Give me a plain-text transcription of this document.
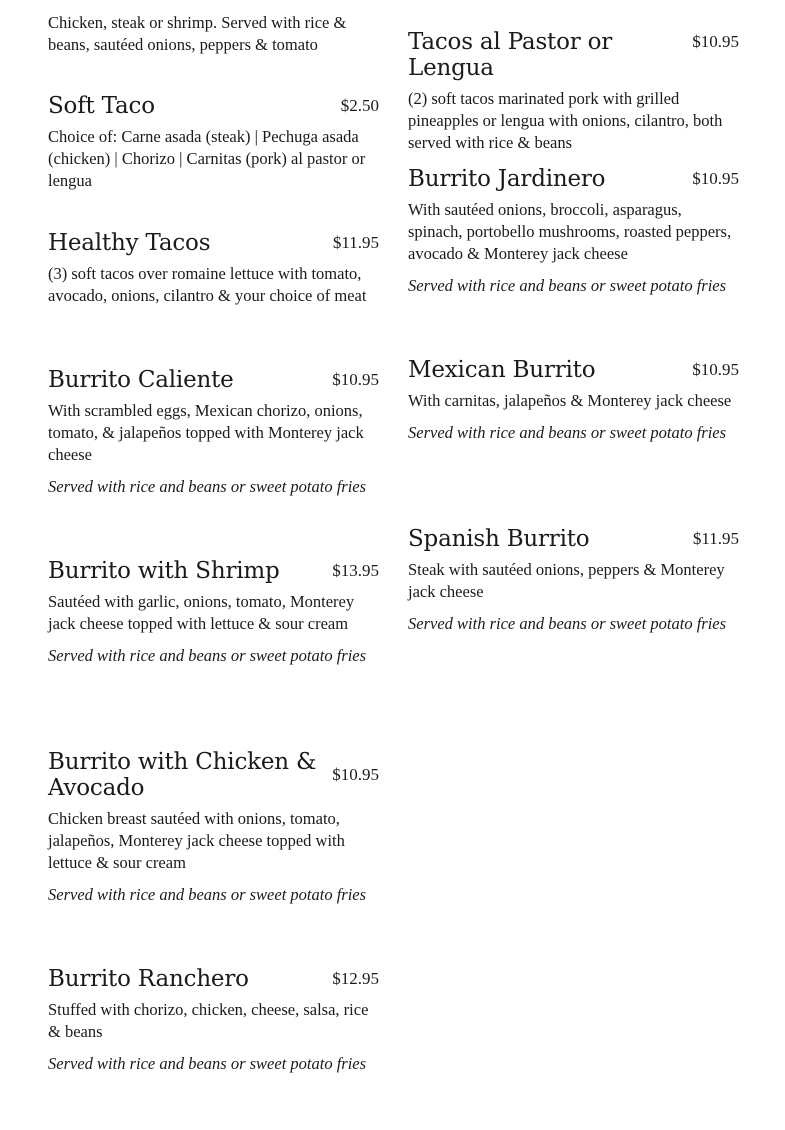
Chicken, steak or shrimp. Served with rice & beans, sautéed onions, peppers & tomato

Soft Taco	$2.50

Choice of: Carne asada (steak) | Pechuga asada (chicken) | Chorizo | Carnitas (pork) al pastor or lengua

Healthy Tacos	$11.95

(3) soft tacos over romaine lettuce with tomato, avocado, onions, cilantro & your choice of meat

Burrito Caliente	$10.95

With scrambled eggs, Mexican chorizo, onions, tomato, & jalapeños topped with Monterey jack cheese

Served with rice and beans or sweet potato fries

Burrito with Shrimp	$13.95

Sautéed with garlic, onions, tomato, Monterey jack cheese topped with lettuce & sour cream

Served with rice and beans or sweet potato fries

Burrito with Chicken & Avocado
$10.95

Chicken breast sautéed with onions, tomato, jalapeños, Monterey jack cheese topped with lettuce & sour cream

Served with rice and beans or sweet potato fries

Burrito Ranchero	$12.95

Stuffed with chorizo, chicken, cheese, salsa, rice & beans

Served with rice and beans or sweet potato fries

Tacos al Pastor or Lengua
$10.95

(2) soft tacos marinated pork with grilled pineapples or lengua with onions, cilantro, both served with rice & beans

Burrito Jardinero	$10.95

With sautéed onions, broccoli, asparagus, spinach, portobello mushrooms, roasted peppers, avocado & Monterey jack cheese

Served with rice and beans or sweet potato fries

Mexican Burrito	$10.95

With carnitas, jalapeños & Monterey jack cheese

Served with rice and beans or sweet potato fries

Spanish Burrito	$11.95

Steak with sautéed onions, peppers & Monterey jack cheese

Served with rice and beans or sweet potato fries
